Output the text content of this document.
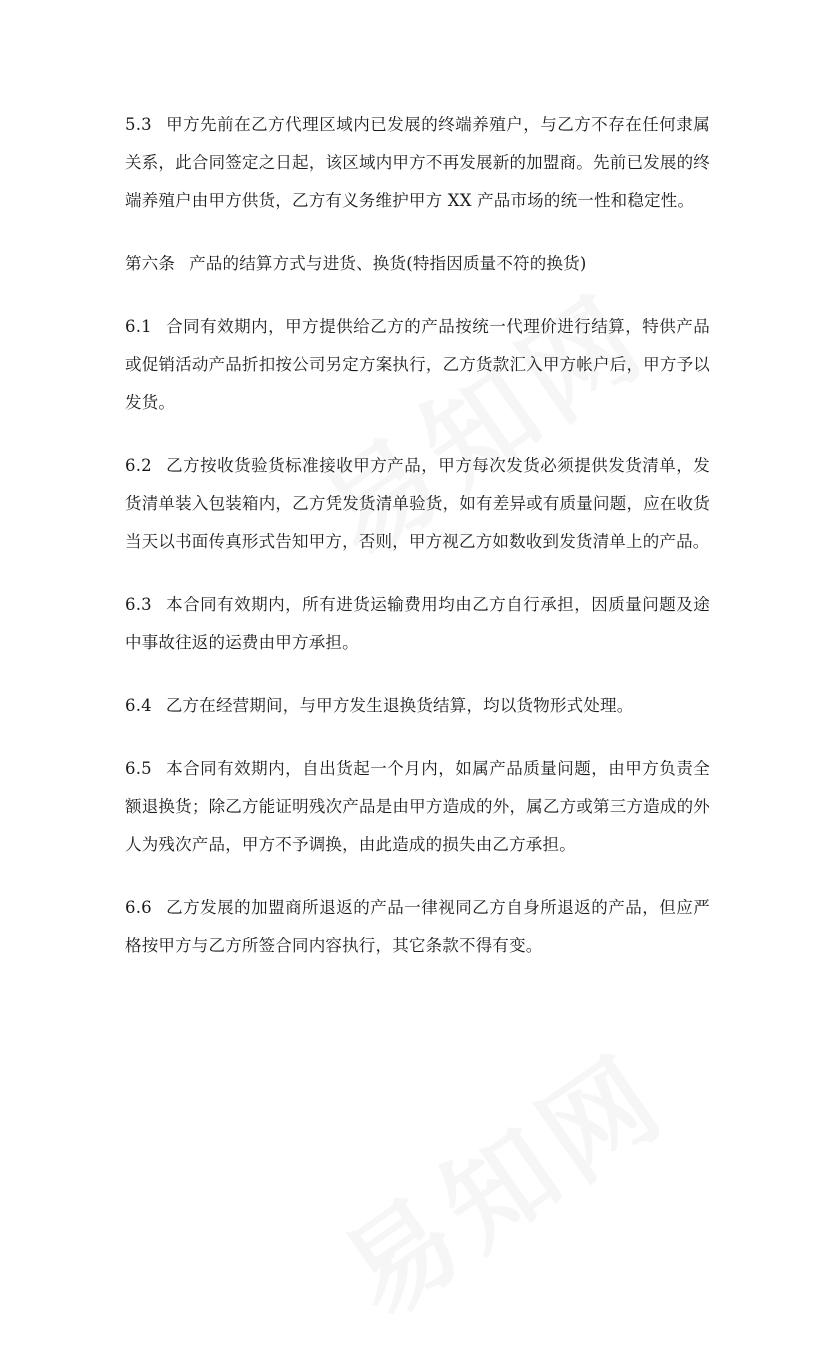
5.3 甲方先前在乙方代理区域内已发展的终端养殖户，与乙方不存在任何隶属关系，此合同签定之日起，该区域内甲方不再发展新的加盟商。先前已发展的终端养殖户由甲方供货，乙方有义务维护甲方 XX 产品市场的统一性和稳定性。

第六条 产品的结算方式与进货、换货(特指因质量不符的换货)

6.1 合同有效期内，甲方提供给乙方的产品按统一代理价进行结算，特供产品或促销活动产品折扣按公司另定方案执行，乙方货款汇入甲方帐户后，甲方予以发货。

6.2 乙方按收货验货标准接收甲方产品，甲方每次发货必须提供发货清单，发货清单装入包装箱内，乙方凭发货清单验货，如有差异或有质量问题，应在收货当天以书面传真形式告知甲方，否则，甲方视乙方如数收到发货清单上的产品。

6.3 本合同有效期内，所有进货运输费用均由乙方自行承担，因质量问题及途中事故往返的运费由甲方承担。

6.4 乙方在经营期间，与甲方发生退换货结算，均以货物形式处理。

6.5 本合同有效期内，自出货起一个月内，如属产品质量问题，由甲方负责全额退换货；除乙方能证明残次产品是由甲方造成的外，属乙方或第三方造成的外人为残次产品，甲方不予调换，由此造成的损失由乙方承担。

6.6 乙方发展的加盟商所退返的产品一律视同乙方自身所退返的产品，但应严格按甲方与乙方所签合同内容执行，其它条款不得有变。
